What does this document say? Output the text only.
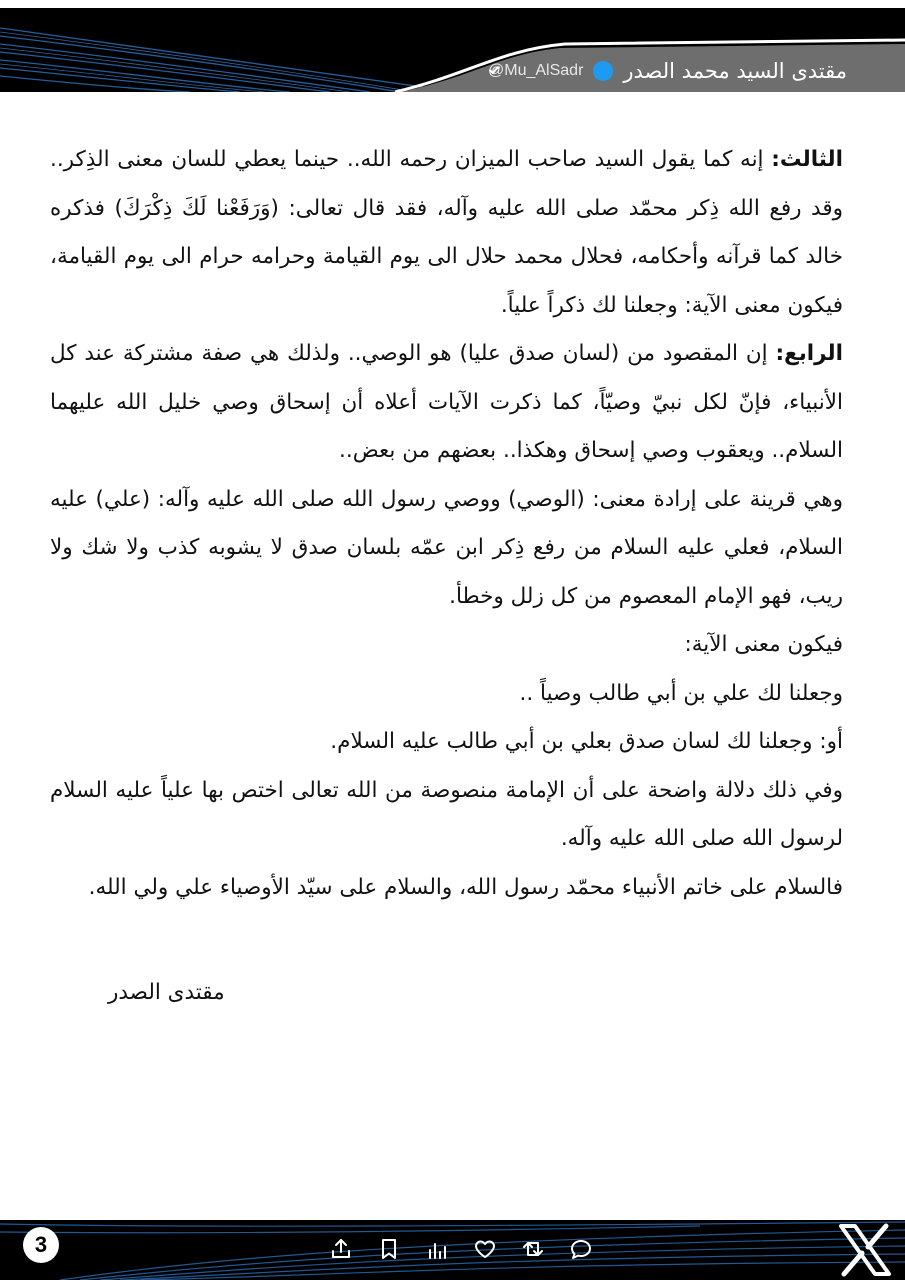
مقتدى السيد محمد الصدر
@Mu_AlSadr

الثالث: إنه كما يقول السيد صاحب الميزان رحمه الله.. حينما يعطي للسان معنى الذِكر.. وقد رفع الله ذِكر محمّد صلى الله عليه وآله، فقد قال تعالى: (وَرَفَعْنا لَكَ ذِكْرَكَ) فذكره خالد كما قرآنه وأحكامه، فحلال محمد حلال الى يوم القيامة وحرامه حرام الى يوم القيامة، فيكون معنى الآية: وجعلنا لك ذكراً علياً.

الرابع: إن المقصود من (لسان صدق عليا) هو الوصي.. ولذلك هي صفة مشتركة عند كل الأنبياء، فإنّ لكل نبيّ وصيّاً، كما ذكرت الآيات أعلاه أن إسحاق وصي خليل الله عليهما السلام.. ويعقوب وصي إسحاق وهكذا.. بعضهم من بعض..

وهي قرينة على إرادة معنى: (الوصي) ووصي رسول الله صلى الله عليه وآله: (علي) عليه السلام، فعلي عليه السلام من رفع ذِكر ابن عمّه بلسان صدق لا يشوبه كذب ولا شك ولا ريب، فهو الإمام المعصوم من كل زلل وخطأ.

فيكون معنى الآية:

وجعلنا لك علي بن أبي طالب وصياً ..

أو: وجعلنا لك لسان صدق بعلي بن أبي طالب عليه السلام.

وفي ذلك دلالة واضحة على أن الإمامة منصوصة من الله تعالى اختص بها علياً عليه السلام لرسول الله صلى الله عليه وآله.

فالسلام على خاتم الأنبياء محمّد رسول الله، والسلام على سيّد الأوصياء علي ولي الله.

مقتدى الصدر
3
